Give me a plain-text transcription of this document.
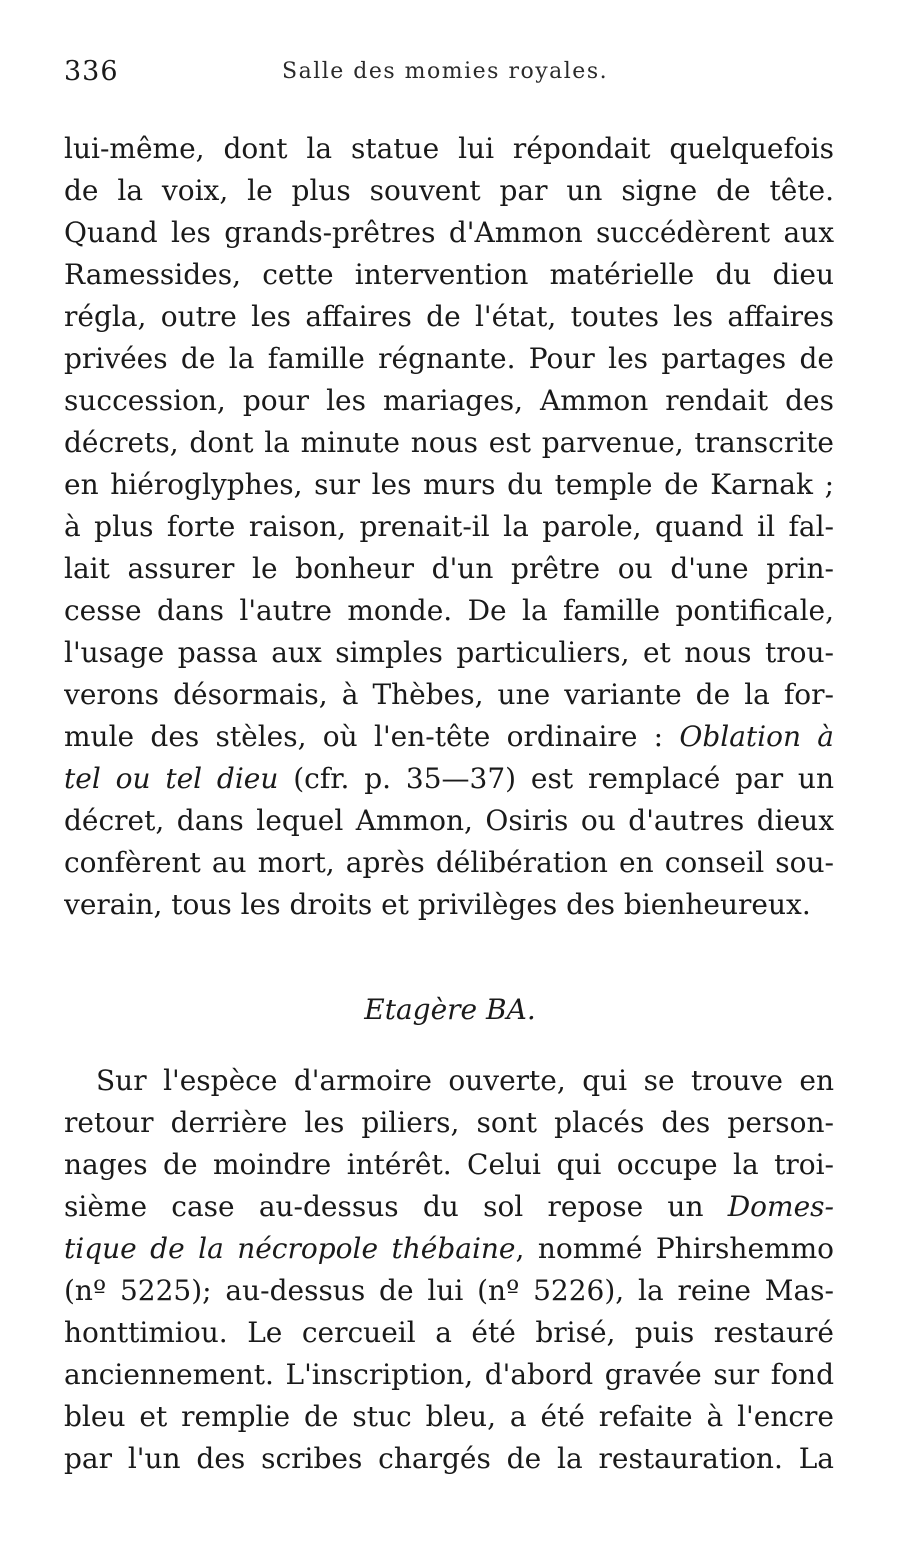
336	Salle des momies royales.
lui-même, dont la statue lui répondait quelquefois
de la voix, le plus souvent par un signe de tête.
Quand les grands-prêtres d'Ammon succédèrent aux
Ramessides, cette intervention matérielle du dieu
régla, outre les affaires de l'état, toutes les affaires
privées de la famille régnante. Pour les partages de
succession, pour les mariages, Ammon rendait des
décrets, dont la minute nous est parvenue, transcrite
en hiéroglyphes, sur les murs du temple de Karnak ;
à plus forte raison, prenait-il la parole, quand il fal-
lait assurer le bonheur d'un prêtre ou d'une prin-
cesse dans l'autre monde. De la famille pontificale,
l'usage passa aux simples particuliers, et nous trou-
verons désormais, à Thèbes, une variante de la for-
mule des stèles, où l'en-tête ordinaire : Oblation à
tel ou tel dieu (cfr. p. 35—37) est remplacé par un
décret, dans lequel Ammon, Osiris ou d'autres dieux
confèrent au mort, après délibération en conseil sou-
verain, tous les droits et privilèges des bienheureux.
Etagère BA.
Sur l'espèce d'armoire ouverte, qui se trouve en
retour derrière les piliers, sont placés des person-
nages de moindre intérêt. Celui qui occupe la troi-
sième case au-dessus du sol repose un Domes-
tique de la nécropole thébaine, nommé Phirshemmo
(nº 5225); au-dessus de lui (nº 5226), la reine Mas-
honttimiou. Le cercueil a été brisé, puis restauré
anciennement. L'inscription, d'abord gravée sur fond
bleu et remplie de stuc bleu, a été refaite à l'encre
par l'un des scribes chargés de la restauration. La
